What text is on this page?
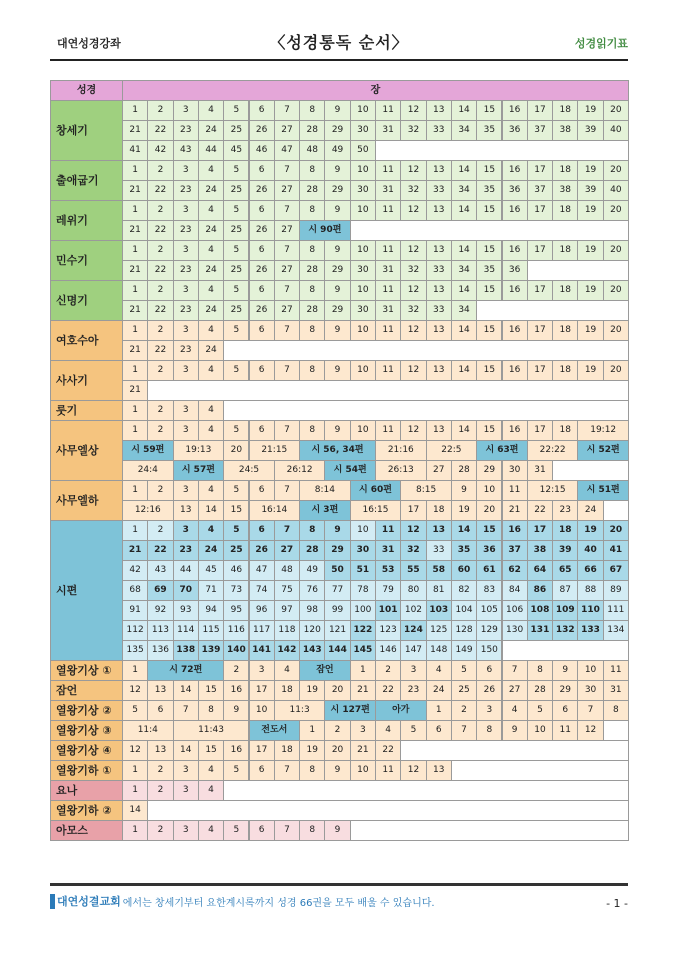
대연성경강좌	〈성경통독 순서〉	성경읽기표
성경	장
창세기
1	2	3	4	5	6	7	8	9	10	11	12	13	14	15	16	17	18	19	20
21	22	23	24	25	26	27	28	29	30	31	32	33	34	35	36	37	38	39	40
41	42	43	44	45	46	47	48	49	50
출애굽기
1	2	3	4	5	6	7	8	9	10	11	12	13	14	15	16	17	18	19	20
21	22	23	24	25	26	27	28	29	30	31	32	33	34	35	36	37	38	39	40
레위기
1	2	3	4	5	6	7	8	9	10	11	12	13	14	15	16	17	18	19	20
21	22	23	24	25	26	27	시 90편
민수기
1	2	3	4	5	6	7	8	9	10	11	12	13	14	15	16	17	18	19	20
21	22	23	24	25	26	27	28	29	30	31	32	33	34	35	36
신명기
1	2	3	4	5	6	7	8	9	10	11	12	13	14	15	16	17	18	19	20
21	22	23	24	25	26	27	28	29	30	31	32	33	34
여호수아
1	2	3	4	5	6	7	8	9	10	11	12	13	14	15	16	17	18	19	20
21	22	23	24
사사기
1	2	3	4	5	6	7	8	9	10	11	12	13	14	15	16	17	18	19	20
21
룻기	1	2	3	4
사무엘상
1	2	3	4	5	6	7	8	9	10	11	12	13	14	15	16	17	18	19:12
시 59편	19:13	20	21:15	시 56, 34편	21:16	22:5	시 63편	22:22	시 52편
24:4	시 57편	24:5	26:12	시 54편	26:13	27	28	29	30	31
사무엘하
1	2	3	4	5	6	7	8:14	시 60편	8:15	9	10	11	12:15	시 51편
12:16	13	14	15	16:14	시 3편	16:15	17	18	19	20	21	22	23	24
시편
1	2	3	4	5	6	7	8	9	10	11	12	13	14	15	16	17	18	19	20
21	22	23	24	25	26	27	28	29	30	31	32	33	35	36	37	38	39	40	41
42	43	44	45	46	47	48	49	50	51	53	55	58	60	61	62	64	65	66	67
68	69	70	71	73	74	75	76	77	78	79	80	81	82	83	84	86	87	88	89
91	92	93	94	95	96	97	98	99	100 101 102 103 104 105 106 108 109 110 111
112 113 114 115 116 117 118 120 121 122 123 124 125 128 129 130 131 132 133 134
135 136 138 139 140 141 142 143 144 145 146 147 148 149 150
열왕기상 ①	1	시 72편	2	3	4	잠언	1	2	3	4	5	6	7	8	9	10	11
잠언	12	13	14	15	16	17	18	19	20	21	22	23	24	25	26	27	28	29	30	31
열왕기상 ②	5	6	7	8	9	10	11:3	시 127편	아가	1	2	3	4	5	6	7	8
열왕기상 ③	11:4	11:43	전도서	1	2	3	4	5	6	7	8	9	10	11	12
열왕기상 ④	12	13	14	15	16	17	18	19	20	21	22
열왕기하 ①	1	2	3	4	5	6	7	8	9	10	11	12	13
요나	1	2	3	4
열왕기하 ②	14
아모스	1	2	3	4	5	6	7	8	9
대연성결교회 에서는 창세기부터 요한계시록까지 성경 66권을 모두 배울 수 있습니다.	- 1 -
